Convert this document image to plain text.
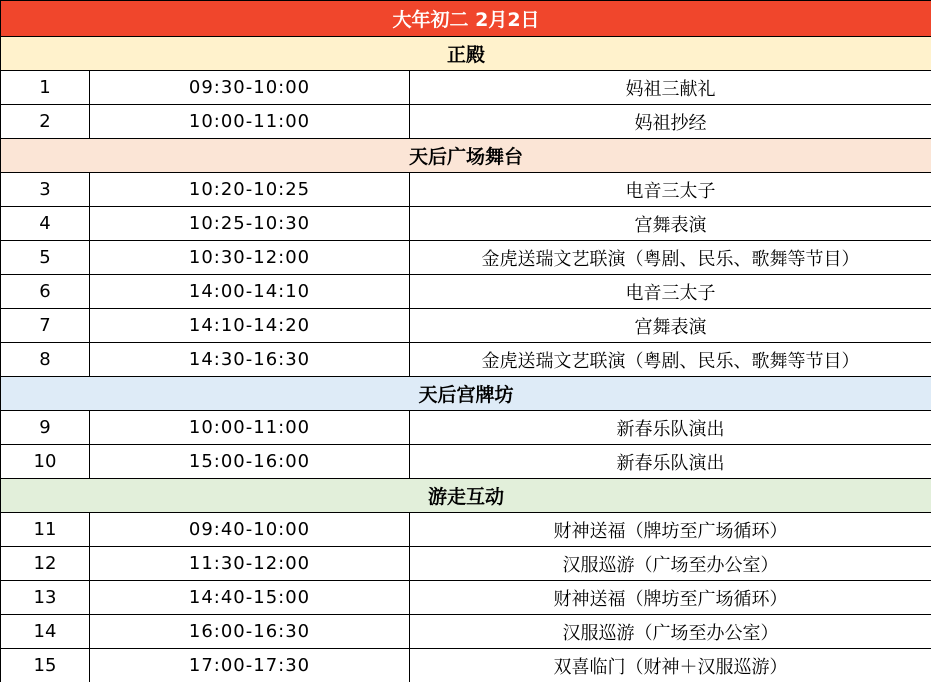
大年初二 2月2日		
正殿		
1	09:30-10:00	妈祖三献礼
2	10:00-11:00	妈祖抄经
天后广场舞台		
3	10:20-10:25	电音三太子
4	10:25-10:30	宫舞表演
5	10:30-12:00	金虎送瑞文艺联演（粤剧、民乐、歌舞等节目）
6	14:00-14:10	电音三太子
7	14:10-14:20	宫舞表演
8	14:30-16:30	金虎送瑞文艺联演（粤剧、民乐、歌舞等节目）
天后宫牌坊		
9	10:00-11:00	新春乐队演出
10	15:00-16:00	新春乐队演出
游走互动		
11	09:40-10:00	财神送福（牌坊至广场循环）
12	11:30-12:00	汉服巡游（广场至办公室）
13	14:40-15:00	财神送福（牌坊至广场循环）
14	16:00-16:30	汉服巡游（广场至办公室）
15	17:00-17:30	双喜临门（财神＋汉服巡游）
